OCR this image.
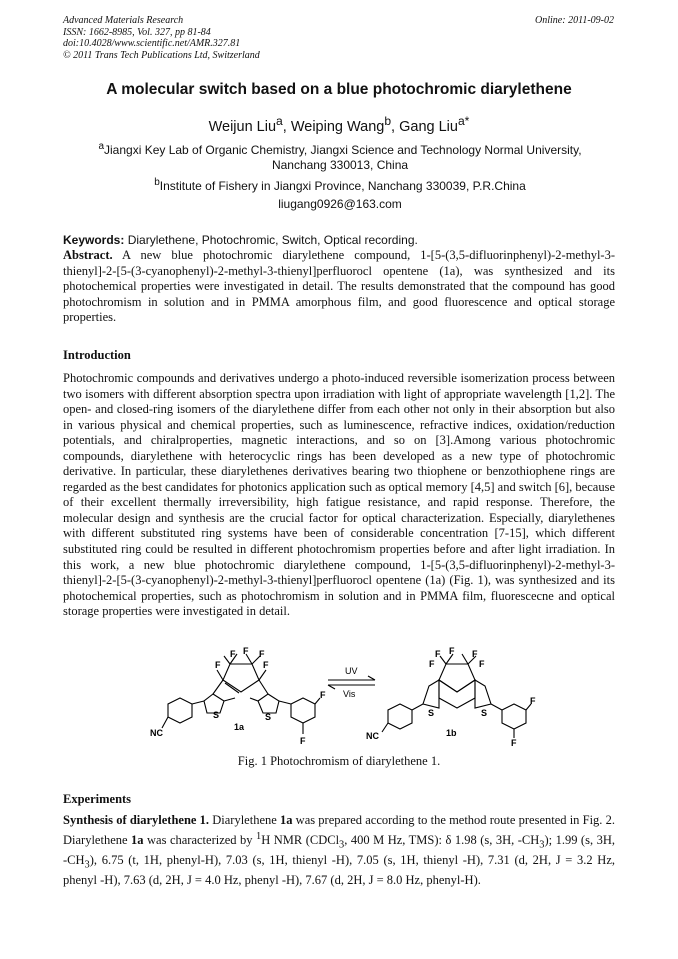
Advanced Materials Research
ISSN: 1662-8985, Vol. 327, pp 81-84
doi:10.4028/www.scientific.net/AMR.327.81
© 2011 Trans Tech Publications Ltd, Switzerland
Online: 2011-09-02
A molecular switch based on a blue photochromic diarylethene
Weijun Liu$^a$, Weiping Wang$^b$, Gang Liu$^{a*}$
$^a$Jiangxi Key Lab of Organic Chemistry, Jiangxi Science and Technology Normal University, Nanchang 330013, China
$^b$Institute of Fishery in Jiangxi Province, Nanchang 330039, P.R.China
liugang0926@163.com
Keywords: Diarylethene, Photochromic, Switch, Optical recording.

Abstract. A new blue photochromic diarylethene compound, 1-[5-(3,5-difluorinphenyl)-2-methyl-3-thienyl]-2-[5-(3-cyanophenyl)-2-methyl-3-thienyl]perfluorocl opentene (1a), was synthesized and its photochemical properties were investigated in detail. The results demonstrated that the compound has good photochromism in solution and in PMMA amorphous film, and good fluorescence and optical storage properties.

Introduction

Photochromic compounds and derivatives undergo a photo-induced reversible isomerization process between two isomers with different absorption spectra upon irradiation with light of appropriate wavelength [1,2]. The open- and closed-ring isomers of the diarylethene differ from each other not only in their absorption but also in various physical and chemical properties, such as luminescence, refractive indices, oxidation/reduction potentials, and chiralproperties, magnetic interactions, and so on [3].Among various photochromic compounds, diarylethene with heterocyclic rings has been developed as a new type of photochromic derivative. In particular, these diarylethenes derivatives bearing two thiophene or benzothiophene rings are regarded as the best candidates for photonics application such as optical memory [4,5] and switch [6], because of their excellent thermally irreversibility, high fatigue resistance, and rapid response. Therefore, the molecular design and synthesis are the crucial factor for optical characterization. Especially, diarylethenes with different substituted ring systems have been of considerable concentration [7-15], which different substituted ring could be resulted in different photochromism properties before and after light irradiation. In this work, a new blue photochromic diarylethene compound, 1-[5-(3,5-difluorinphenyl)-2-methyl-3-thienyl]-2-[5-(3-cyanophenyl)-2-methyl-3-thienyl]perfluorocl opentene (1a) (Fig. 1), was synthesized and its photochemical properties, such as photochromism in solution and in PMMA film, fluorescecne and optical storage properties were investigated in detail.

F F F
F	F
S	S
NC
F
F
1a
UV
Vis
F F F
F	F
S	S
NC
F
F
1b
Fig. 1 Photochromism of diarylethene 1.
Experiments

Synthesis of diarylethene 1. Diarylethene 1a was prepared according to the method route presented in Fig. 2. Diarylethene 1a was characterized by $^1$H NMR (CDCl$_3$, 400 M Hz, TMS): δ 1.98 (s, 3H, $-CH_3$); 1.99 (s, 3H, $-CH_3$), 6.75 (t, 1H, phenyl-H), 7.03 (s, 1H, thienyl -H), 7.05 (s, 1H, thienyl -H), 7.31 (d, 2H, J = 3.2 Hz, phenyl -H), 7.63 (d, 2H, J = 4.0 Hz, phenyl -H), 7.67 (d, 2H, J = 8.0 Hz, phenyl-H).
